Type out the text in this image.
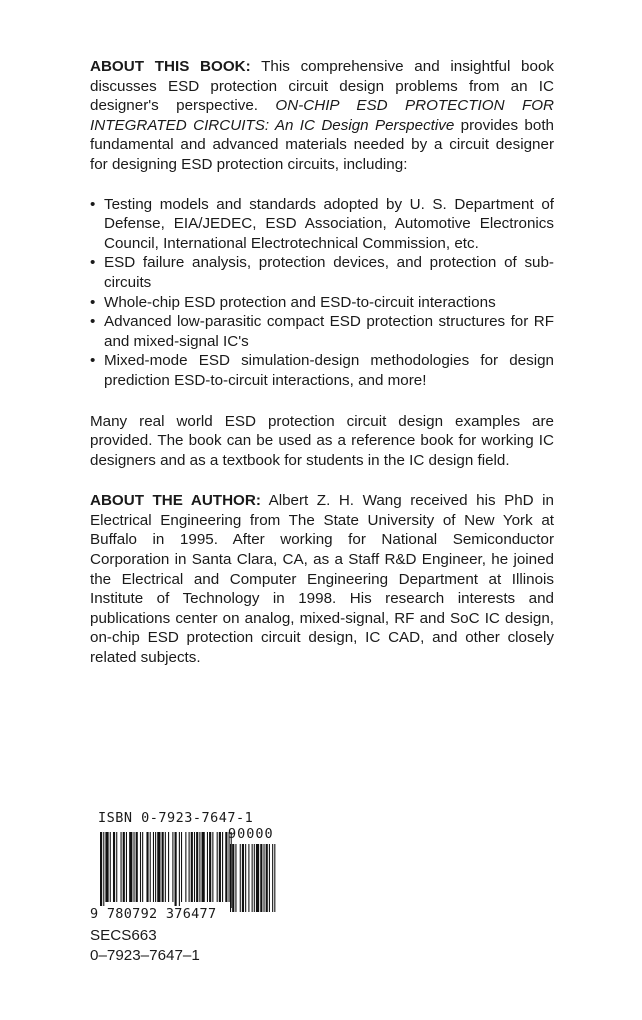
ABOUT THIS BOOK: This comprehensive and insightful book discusses ESD protection circuit design problems from an IC designer's perspective. ON-CHIP ESD PROTECTION FOR INTEGRATED CIRCUITS: An IC Design Perspective provides both fundamental and advanced materials needed by a circuit designer for designing ESD protection circuits, including:

• Testing models and standards adopted by U. S. Department of Defense, EIA/JEDEC, ESD Association, Automotive Electronics Council, International Electrotechnical Commission, etc.
• ESD failure analysis, protection devices, and protection of sub-circuits
• Whole-chip ESD protection and ESD-to-circuit interactions
• Advanced low-parasitic compact ESD protection structures for RF and mixed-signal IC's
• Mixed-mode ESD simulation-design methodologies for design prediction ESD-to-circuit interactions, and more!

Many real world ESD protection circuit design examples are provided. The book can be used as a reference book for working IC designers and as a textbook for students in the IC design field.

ABOUT THE AUTHOR: Albert Z. H. Wang received his PhD in Electrical Engineering from The State University of New York at Buffalo in 1995. After working for National Semiconductor Corporation in Santa Clara, CA, as a Staff R&D Engineer, he joined the Electrical and Computer Engineering Department at Illinois Institute of Technology in 1998. His research interests and publications center on analog, mixed-signal, RF and SoC IC design, on-chip ESD protection circuit design, IC CAD, and other closely related subjects.

ISBN 0-7923-7647-1
90000
9 780792 376477
SECS663
0–7923–7647–1
